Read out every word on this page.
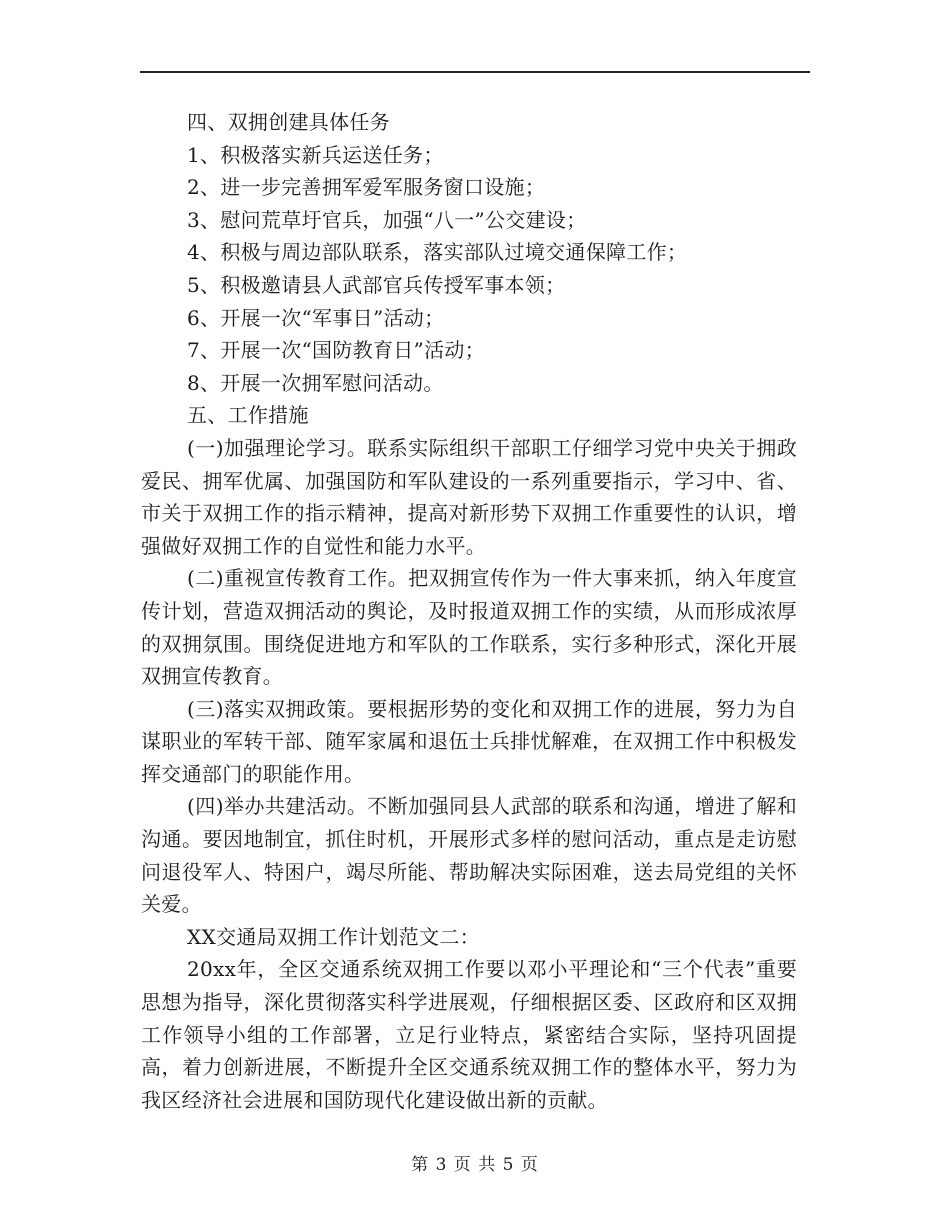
四、双拥创建具体任务

1、积极落实新兵运送任务；

2、进一步完善拥军爱军服务窗口设施；

3、慰问荒草圩官兵，加强“八一”公交建设；

4、积极与周边部队联系，落实部队过境交通保障工作；

5、积极邀请县人武部官兵传授军事本领；

6、开展一次“军事日”活动；

7、开展一次“国防教育日”活动；

8、开展一次拥军慰问活动。

五、工作措施

(一)加强理论学习。联系实际组织干部职工仔细学习党中央关于拥政爱民、拥军优属、加强国防和军队建设的一系列重要指示，学习中、省、市关于双拥工作的指示精神，提高对新形势下双拥工作重要性的认识，增强做好双拥工作的自觉性和能力水平。

(二)重视宣传教育工作。把双拥宣传作为一件大事来抓，纳入年度宣传计划，营造双拥活动的舆论，及时报道双拥工作的实绩，从而形成浓厚的双拥氛围。围绕促进地方和军队的工作联系，实行多种形式，深化开展双拥宣传教育。

(三)落实双拥政策。要根据形势的变化和双拥工作的进展，努力为自谋职业的军转干部、随军家属和退伍士兵排忧解难，在双拥工作中积极发挥交通部门的职能作用。

(四)举办共建活动。不断加强同县人武部的联系和沟通，增进了解和沟通。要因地制宜，抓住时机，开展形式多样的慰问活动，重点是走访慰问退役军人、特困户，竭尽所能、帮助解决实际困难，送去局党组的关怀关爱。

XX交通局双拥工作计划范文二：

20xx年，全区交通系统双拥工作要以邓小平理论和“三个代表”重要思想为指导，深化贯彻落实科学进展观，仔细根据区委、区政府和区双拥工作领导小组的工作部署，立足行业特点，紧密结合实际，坚持巩固提高，着力创新进展，不断提升全区交通系统双拥工作的整体水平，努力为我区经济社会进展和国防现代化建设做出新的贡献。

第 3 页 共 5 页
